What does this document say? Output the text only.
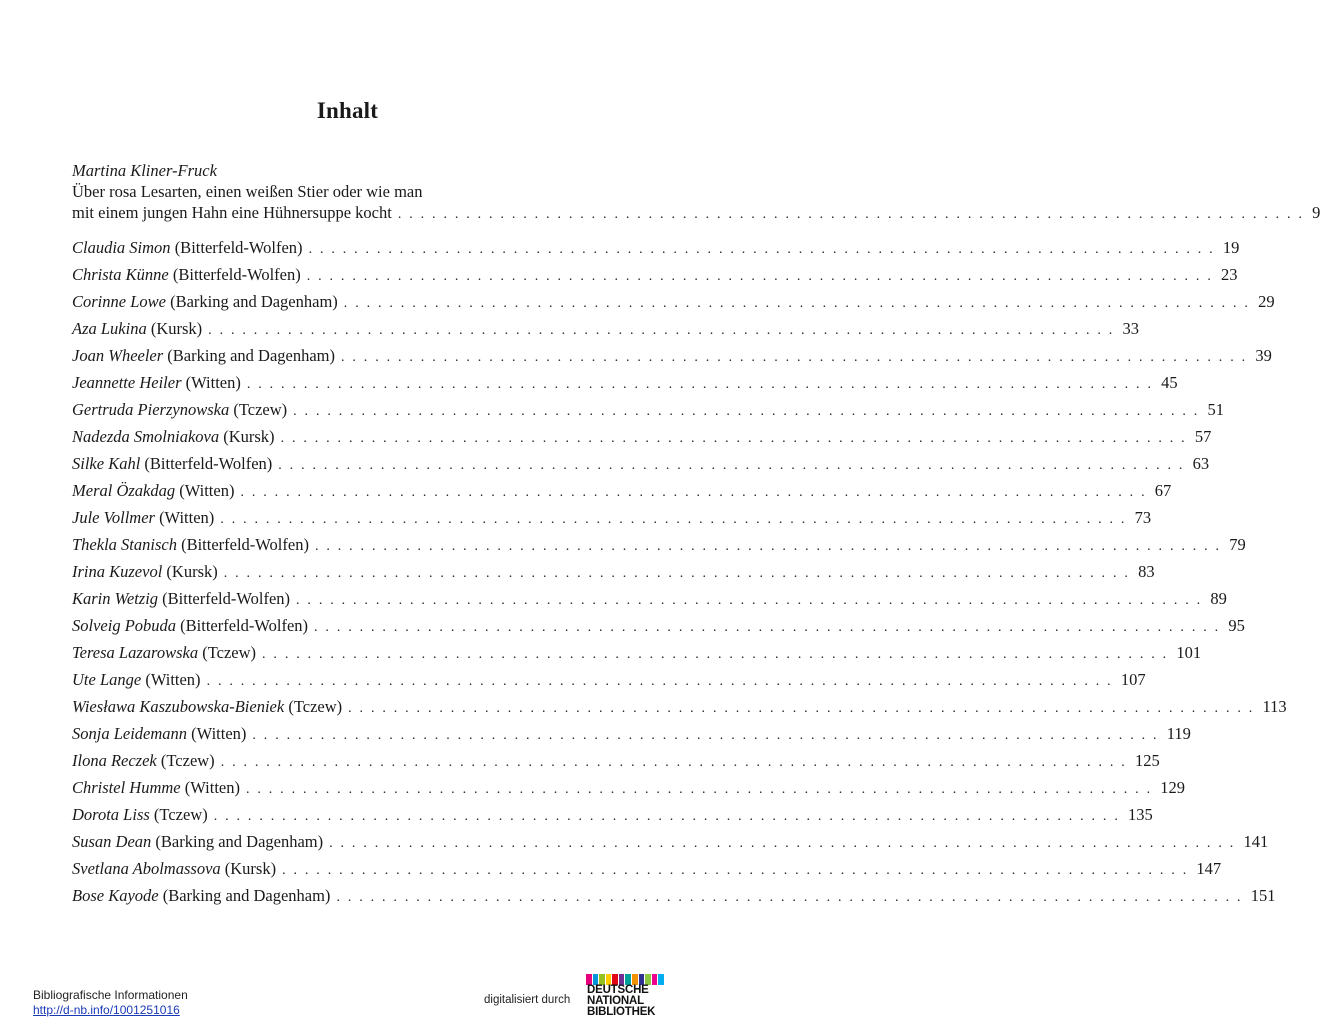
Inhalt
Martina Kliner-Fruck
Über rosa Lesarten, einen weißen Stier oder wie man
mit einem jungen Hahn eine Hühnersuppe kocht . . . . . . . . . . . . . . . . . . . . . . . . . . . . . . . . . . . . . . . . . . . . . . . . . . . . . . . . . . . . . . . . . . . . . . . . . . . . . . . . 9
Claudia Simon (Bitterfeld-Wolfen) . . . . . . . . . . . . . . . . . . . . . . . . . . . . . . . . . . . . . . . . . . . . . . . . . . . . . . . . . . . . . . . . . . . . . . . . . . . . . . . . 19
Christa Künne (Bitterfeld-Wolfen) . . . . . . . . . . . . . . . . . . . . . . . . . . . . . . . . . . . . . . . . . . . . . . . . . . . . . . . . . . . . . . . . . . . . . . . . . . . . . . . . 23
Corinne Lowe (Barking and Dagenham) . . . . . . . . . . . . . . . . . . . . . . . . . . . . . . . . . . . . . . . . . . . . . . . . . . . . . . . . . . . . . . . . . . . . . . . . . . . . . . . . 29
Aza Lukina (Kursk) . . . . . . . . . . . . . . . . . . . . . . . . . . . . . . . . . . . . . . . . . . . . . . . . . . . . . . . . . . . . . . . . . . . . . . . . . . . . . . . . 33
Joan Wheeler (Barking and Dagenham) . . . . . . . . . . . . . . . . . . . . . . . . . . . . . . . . . . . . . . . . . . . . . . . . . . . . . . . . . . . . . . . . . . . . . . . . . . . . . . . . 39
Jeannette Heiler (Witten) . . . . . . . . . . . . . . . . . . . . . . . . . . . . . . . . . . . . . . . . . . . . . . . . . . . . . . . . . . . . . . . . . . . . . . . . . . . . . . . . 45
Gertruda Pierzynowska (Tczew) . . . . . . . . . . . . . . . . . . . . . . . . . . . . . . . . . . . . . . . . . . . . . . . . . . . . . . . . . . . . . . . . . . . . . . . . . . . . . . . . 51
Nadezda Smolniakova (Kursk) . . . . . . . . . . . . . . . . . . . . . . . . . . . . . . . . . . . . . . . . . . . . . . . . . . . . . . . . . . . . . . . . . . . . . . . . . . . . . . . . 57
Silke Kahl (Bitterfeld-Wolfen) . . . . . . . . . . . . . . . . . . . . . . . . . . . . . . . . . . . . . . . . . . . . . . . . . . . . . . . . . . . . . . . . . . . . . . . . . . . . . . . . 63
Meral Özakdag (Witten) . . . . . . . . . . . . . . . . . . . . . . . . . . . . . . . . . . . . . . . . . . . . . . . . . . . . . . . . . . . . . . . . . . . . . . . . . . . . . . . . 67
Jule Vollmer (Witten) . . . . . . . . . . . . . . . . . . . . . . . . . . . . . . . . . . . . . . . . . . . . . . . . . . . . . . . . . . . . . . . . . . . . . . . . . . . . . . . . 73
Thekla Stanisch (Bitterfeld-Wolfen) . . . . . . . . . . . . . . . . . . . . . . . . . . . . . . . . . . . . . . . . . . . . . . . . . . . . . . . . . . . . . . . . . . . . . . . . . . . . . . . . 79
Irina Kuzevol (Kursk) . . . . . . . . . . . . . . . . . . . . . . . . . . . . . . . . . . . . . . . . . . . . . . . . . . . . . . . . . . . . . . . . . . . . . . . . . . . . . . . . 83
Karin Wetzig (Bitterfeld-Wolfen) . . . . . . . . . . . . . . . . . . . . . . . . . . . . . . . . . . . . . . . . . . . . . . . . . . . . . . . . . . . . . . . . . . . . . . . . . . . . . . . . 89
Solveig Pobuda (Bitterfeld-Wolfen) . . . . . . . . . . . . . . . . . . . . . . . . . . . . . . . . . . . . . . . . . . . . . . . . . . . . . . . . . . . . . . . . . . . . . . . . . . . . . . . . 95
Teresa Lazarowska (Tczew) . . . . . . . . . . . . . . . . . . . . . . . . . . . . . . . . . . . . . . . . . . . . . . . . . . . . . . . . . . . . . . . . . . . . . . . . . . . . . . . . 101
Ute Lange (Witten) . . . . . . . . . . . . . . . . . . . . . . . . . . . . . . . . . . . . . . . . . . . . . . . . . . . . . . . . . . . . . . . . . . . . . . . . . . . . . . . . 107
Wiesława Kaszubowska-Bieniek (Tczew) . . . . . . . . . . . . . . . . . . . . . . . . . . . . . . . . . . . . . . . . . . . . . . . . . . . . . . . . . . . . . . . . . . . . . . . . . . . . . . . . 113
Sonja Leidemann (Witten) . . . . . . . . . . . . . . . . . . . . . . . . . . . . . . . . . . . . . . . . . . . . . . . . . . . . . . . . . . . . . . . . . . . . . . . . . . . . . . . . 119
Ilona Reczek (Tczew) . . . . . . . . . . . . . . . . . . . . . . . . . . . . . . . . . . . . . . . . . . . . . . . . . . . . . . . . . . . . . . . . . . . . . . . . . . . . . . . . 125
Christel Humme (Witten) . . . . . . . . . . . . . . . . . . . . . . . . . . . . . . . . . . . . . . . . . . . . . . . . . . . . . . . . . . . . . . . . . . . . . . . . . . . . . . . . 129
Dorota Liss (Tczew) . . . . . . . . . . . . . . . . . . . . . . . . . . . . . . . . . . . . . . . . . . . . . . . . . . . . . . . . . . . . . . . . . . . . . . . . . . . . . . . . 135
Susan Dean (Barking and Dagenham) . . . . . . . . . . . . . . . . . . . . . . . . . . . . . . . . . . . . . . . . . . . . . . . . . . . . . . . . . . . . . . . . . . . . . . . . . . . . . . . . 141
Svetlana Abolmassova (Kursk) . . . . . . . . . . . . . . . . . . . . . . . . . . . . . . . . . . . . . . . . . . . . . . . . . . . . . . . . . . . . . . . . . . . . . . . . . . . . . . . . 147
Bose Kayode (Barking and Dagenham) . . . . . . . . . . . . . . . . . . . . . . . . . . . . . . . . . . . . . . . . . . . . . . . . . . . . . . . . . . . . . . . . . . . . . . . . . . . . . . . . 151
Bibliografische Informationen
http://d-nb.info/1001251016
digitalisiert durch
DEUTSCHE
NATIONAL
BIBLIOTHEK
